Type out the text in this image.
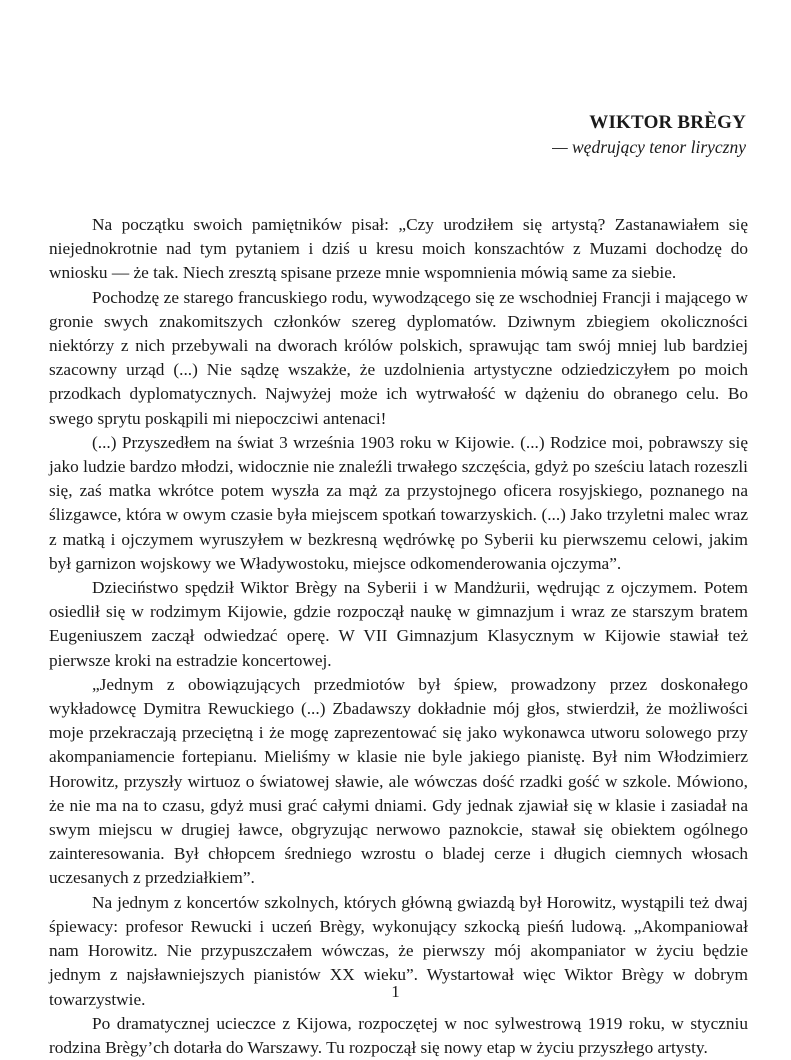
WIKTOR BRÈGY
— wędrujący tenor liryczny

Na początku swoich pamiętników pisał: „Czy urodziłem się artystą? Zastanawiałem się niejednokrotnie nad tym pytaniem i dziś u kresu moich konszachtów z Muzami dochodzę do wniosku — że tak. Niech zresztą spisane przeze mnie wspomnienia mówią same za siebie.

Pochodzę ze starego francuskiego rodu, wywodzącego się ze wschodniej Francji i mającego w gronie swych znakomitszych członków szereg dyplomatów. Dziwnym zbiegiem okoliczności niektórzy z nich przebywali na dworach królów polskich, sprawując tam swój mniej lub bardziej szacowny urząd (...) Nie sądzę wszakże, że uzdolnienia artystyczne odziedziczyłem po moich przodkach dyplomatycznych. Najwyżej może ich wytrwałość w dążeniu do obranego celu. Bo swego sprytu poskąpili mi niepoczciwi antenaci!

(...) Przyszedłem na świat 3 września 1903 roku w Kijowie. (...) Rodzice moi, pobrawszy się jako ludzie bardzo młodzi, widocznie nie znaleźli trwałego szczęścia, gdyż po sześciu latach rozeszli się, zaś matka wkrótce potem wyszła za mąż za przystojnego oficera rosyjskiego, poznanego na ślizgawce, która w owym czasie była miejscem spotkań towarzyskich. (...) Jako trzyletni malec wraz z matką i ojczymem wyruszyłem w bezkresną wędrówkę po Syberii ku pierwszemu celowi, jakim był garnizon wojskowy we Władywostoku, miejsce odkomenderowania ojczyma”.

Dzieciństwo spędził Wiktor Brègy na Syberii i w Mandżurii, wędrując z ojczymem. Potem osiedlił się w rodzimym Kijowie, gdzie rozpoczął naukę w gimnazjum i wraz ze starszym bratem Eugeniuszem zaczął odwiedzać operę. W VII Gimnazjum Klasycznym w Kijowie stawiał też pierwsze kroki na estradzie koncertowej.

„Jednym z obowiązujących przedmiotów był śpiew, prowadzony przez doskonałego wykładowcę Dymitra Rewuckiego (...) Zbadawszy dokładnie mój głos, stwierdził, że możliwości moje przekraczają przeciętną i że mogę zaprezentować się jako wykonawca utworu solowego przy akompaniamencie fortepianu. Mieliśmy w klasie nie byle jakiego pianistę. Był nim Włodzimierz Horowitz, przyszły wirtuoz o światowej sławie, ale wówczas dość rzadki gość w szkole. Mówiono, że nie ma na to czasu, gdyż musi grać całymi dniami. Gdy jednak zjawiał się w klasie i zasiadał na swym miejscu w drugiej ławce, obgryzując nerwowo paznokcie, stawał się obiektem ogólnego zainteresowania. Był chłopcem średniego wzrostu o bladej cerze i długich ciemnych włosach uczesanych z przedziałkiem”.

Na jednym z koncertów szkolnych, których główną gwiazdą był Horowitz, wystąpili też dwaj śpiewacy: profesor Rewucki i uczeń Brègy, wykonujący szkocką pieśń ludową. „Akompaniował nam Horowitz. Nie przypuszczałem wówczas, że pierwszy mój akompaniator w życiu będzie jednym z najsławniejszych pianistów XX wieku”. Wystartował więc Wiktor Brègy w dobrym towarzystwie.

Po dramatycznej ucieczce z Kijowa, rozpoczętej w noc sylwestrową 1919 roku, w styczniu rodzina Brègy’ch dotarła do Warszawy. Tu rozpoczął się nowy etap w życiu przyszłego artysty.

1
